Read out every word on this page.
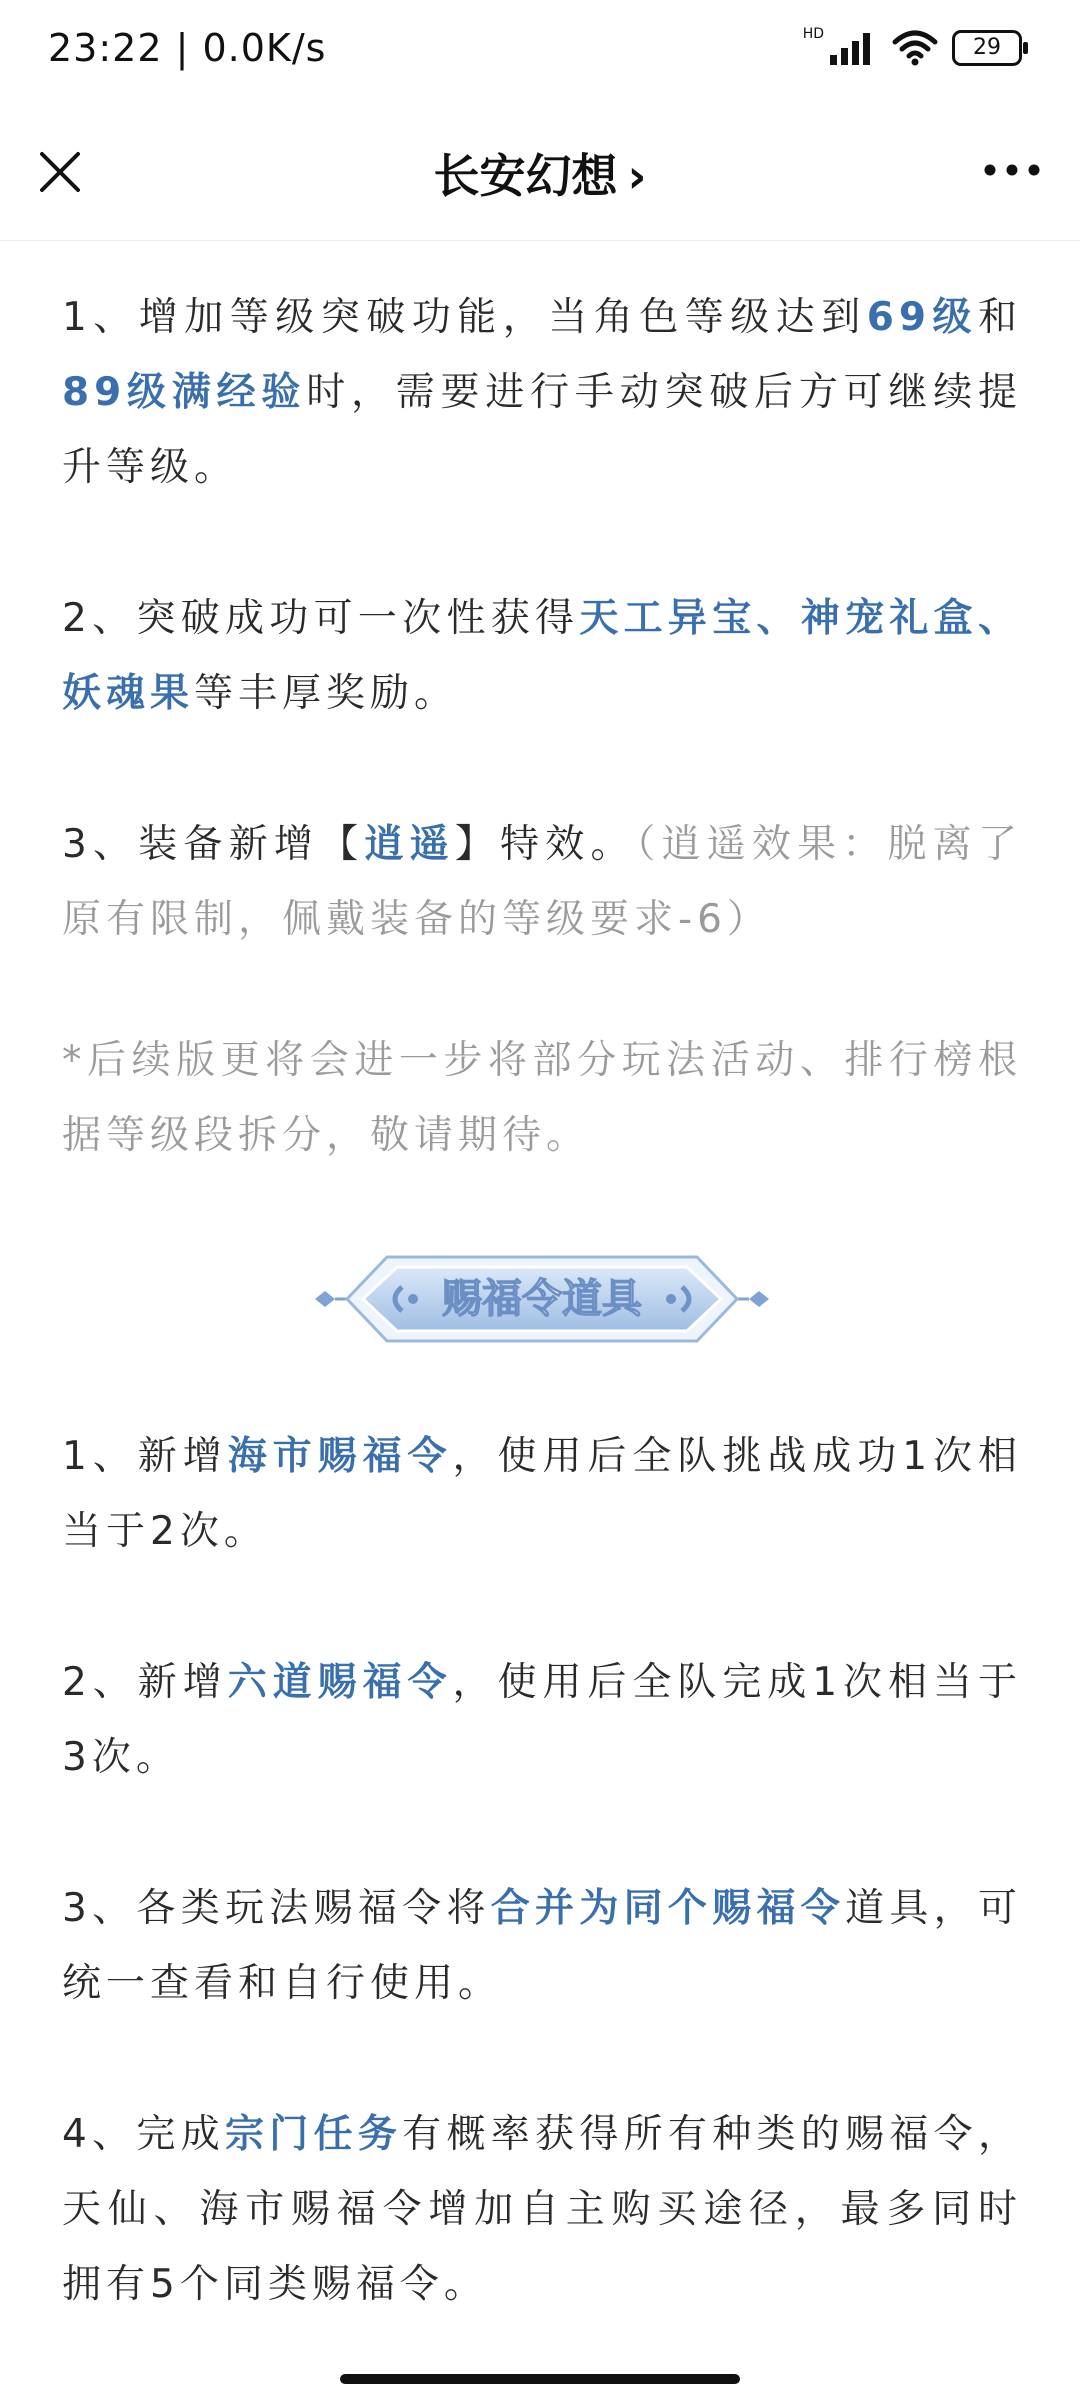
23:22 | 0.0K/s	HD
29
长安幻想 ›

1、增加等级突破功能，当角色等级达到69级和89级满经验时，需要进行手动突破后方可继续提升等级。

2、突破成功可一次性获得天工异宝、神宠礼盒、妖魂果等丰厚奖励。

3、装备新增【逍遥】特效。（逍遥效果：脱离了原有限制，佩戴装备的等级要求-6）

*后续版更将会进一步将部分玩法活动、排行榜根据等级段拆分，敬请期待。

赐福令道具

1、新增海市赐福令，使用后全队挑战成功1次相当于2次。

2、新增六道赐福令，使用后全队完成1次相当于3次。

3、各类玩法赐福令将合并为同个赐福令道具，可统一查看和自行使用。

4、完成宗门任务有概率获得所有种类的赐福令，天仙、海市赐福令增加自主购买途径，最多同时拥有5个同类赐福令。
